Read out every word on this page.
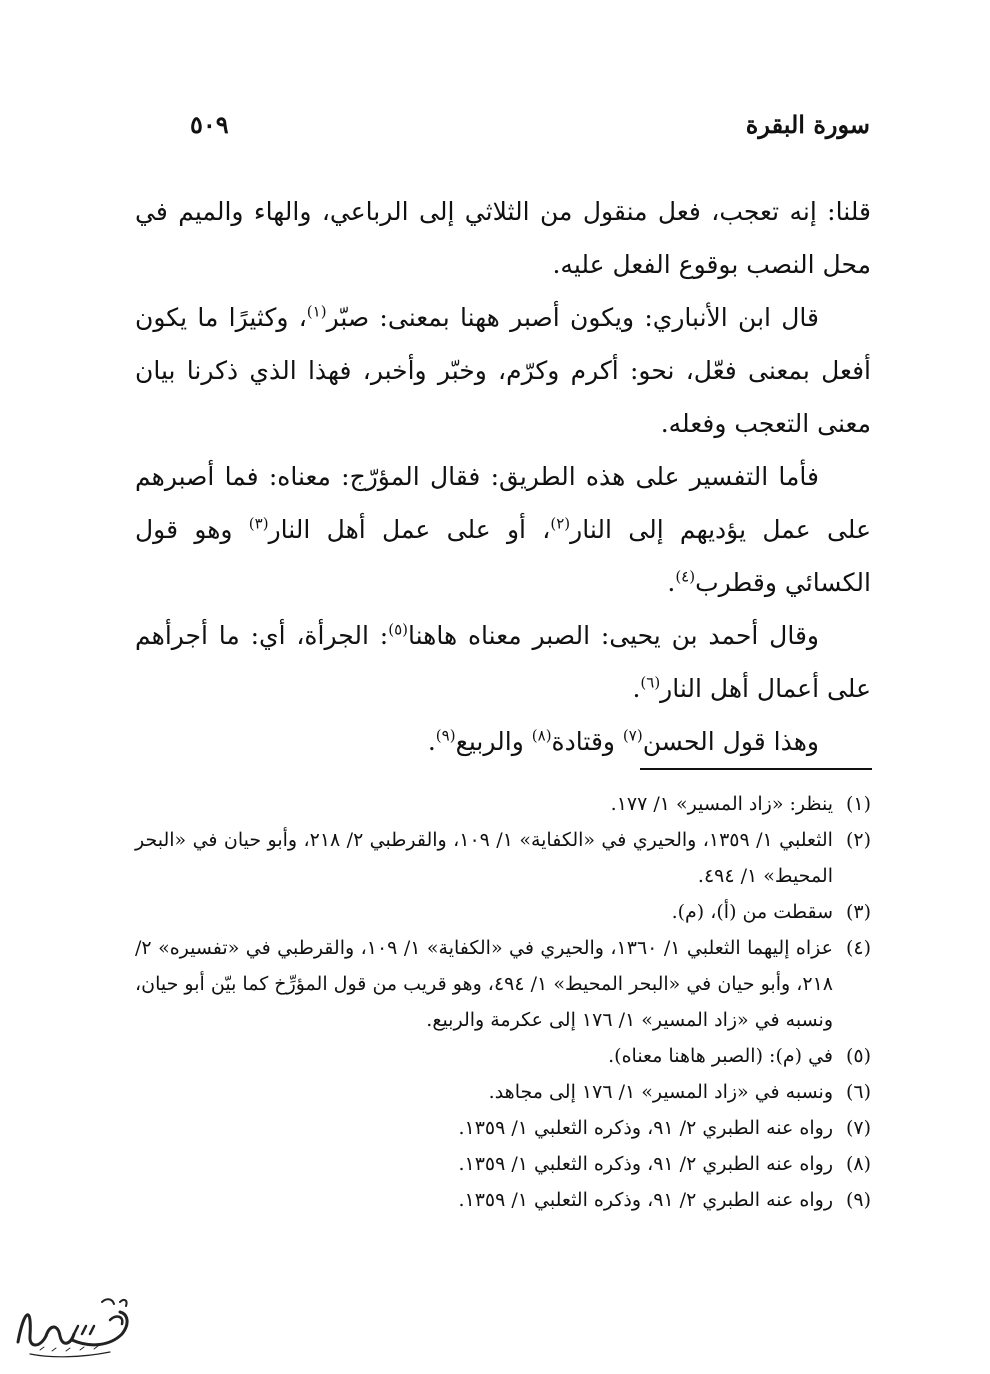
سورة البقرة
٥٠٩

قلنا: إنه تعجب، فعل منقول من الثلاثي إلى الرباعي، والهاء والميم في محل النصب بوقوع الفعل عليه.

قال ابن الأنباري: ويكون أصبر ههنا بمعنى: صبّر$^{(١)}$، وكثيرًا ما يكون أفعل بمعنى فعّل، نحو: أكرم وكرّم، وخبّر وأخبر، فهذا الذي ذكرنا بيان معنى التعجب وفعله.

فأما التفسير على هذه الطريق: فقال المؤرّج: معناه: فما أصبرهم على عمل يؤديهم إلى النار$^{(٢)}$، أو على عمل أهل النار$^{(٣)}$ وهو قول الكسائي وقطرب$^{(٤)}$.

وقال أحمد بن يحيى: الصبر معناه هاهنا$^{(٥)}$: الجرأة، أي: ما أجرأهم على أعمال أهل النار$^{(٦)}$.

وهذا قول الحسن$^{(٧)}$ وقتادة$^{(٨)}$ والربيع$^{(٩)}$.

(١)
ينظر: «زاد المسير» ١/ ١٧٧.
(٢)
الثعلبي ١/ ١٣٥٩، والحيري في «الكفاية» ١/ ١٠٩، والقرطبي ٢/ ٢١٨، وأبو حيان في «البحر المحيط» ١/ ٤٩٤.
(٣)
سقطت من (أ)، (م).
(٤)
عزاه إليهما الثعلبي ١/ ١٣٦٠، والحيري في «الكفاية» ١/ ١٠٩، والقرطبي في «تفسيره» ٢/ ٢١٨، وأبو حيان في «البحر المحيط» ١/ ٤٩٤، وهو قريب من قول المؤرِّخ كما بيّن أبو حيان، ونسبه في «زاد المسير» ١/ ١٧٦ إلى عكرمة والربيع.
(٥)
في (م): (الصبر هاهنا معناه).
(٦)
ونسبه في «زاد المسير» ١/ ١٧٦ إلى مجاهد.
(٧)
رواه عنه الطبري ٢/ ٩١، وذكره الثعلبي ١/ ١٣٥٩.
(٨)
رواه عنه الطبري ٢/ ٩١، وذكره الثعلبي ١/ ١٣٥٩.
(٩)
رواه عنه الطبري ٢/ ٩١، وذكره الثعلبي ١/ ١٣٥٩.
